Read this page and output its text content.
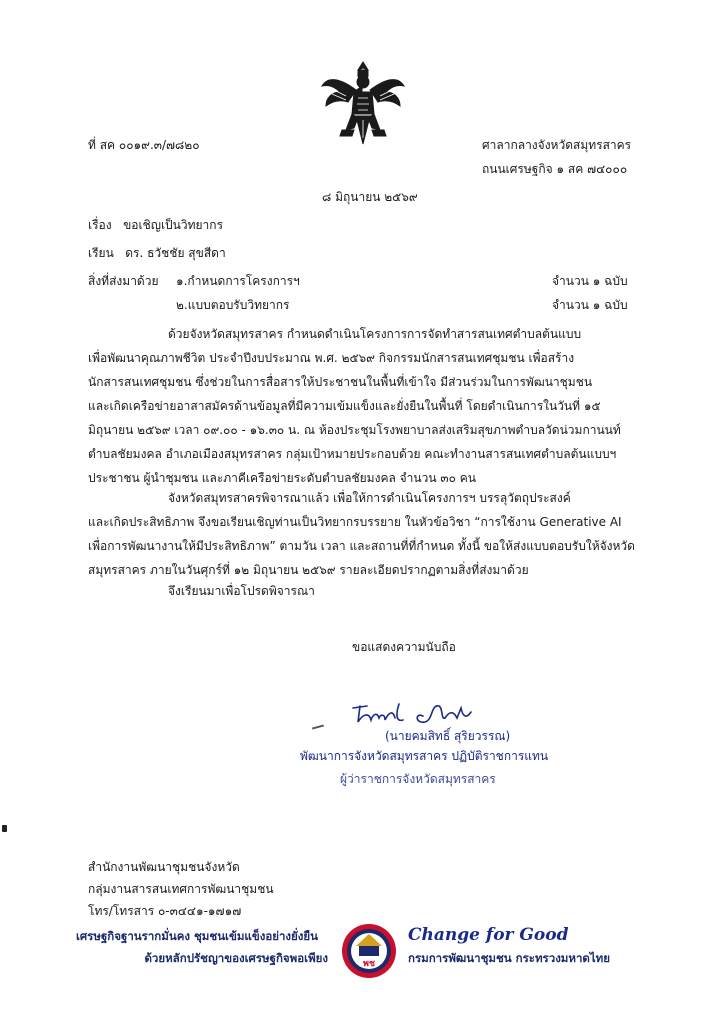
ที่ สค ๐๐๑๙.๓/๗๘๒๐	ศาลากลางจังหวัดสมุทรสาคร
ถนนเศรษฐกิจ ๑ สค ๗๔๐๐๐
๘ มิถุนายน ๒๕๖๙
เรื่อง ขอเชิญเป็นวิทยากร
เรียน ดร. ธวัชชัย สุขสีดา
สิ่งที่ส่งมาด้วย ๑.กำหนดการโครงการฯ	จำนวน ๑ ฉบับ
๒.แบบตอบรับวิทยากร	จำนวน ๑ ฉบับ
ด้วยจังหวัดสมุทรสาคร กำหนดดำเนินโครงการการจัดทำสารสนเทศตำบลต้นแบบ
เพื่อพัฒนาคุณภาพชีวิต ประจำปีงบประมาณ พ.ศ. ๒๕๖๙ กิจกรรมนักสารสนเทศชุมชน เพื่อสร้าง
นักสารสนเทศชุมชน ซึ่งช่วยในการสื่อสารให้ประชาชนในพื้นที่เข้าใจ มีส่วนร่วมในการพัฒนาชุมชน
และเกิดเครือข่ายอาสาสมัครด้านข้อมูลที่มีความเข้มแข็งและยั่งยืนในพื้นที่ โดยดำเนินการในวันที่ ๑๕
มิถุนายน ๒๕๖๙ เวลา ๐๙.๐๐ - ๑๖.๓๐ น. ณ ห้องประชุมโรงพยาบาลส่งเสริมสุขภาพตำบลวัดน่วมกานนท์
ตำบลชัยมงคล อำเภอเมืองสมุทรสาคร กลุ่มเป้าหมายประกอบด้วย คณะทำงานสารสนเทศตำบลต้นแบบฯ
ประชาชน ผู้นำชุมชน และภาคีเครือข่ายระดับตำบลชัยมงคล จำนวน ๓๐ คน
จังหวัดสมุทรสาครพิจารณาแล้ว เพื่อให้การดำเนินโครงการฯ บรรลุวัตถุประสงค์
และเกิดประสิทธิภาพ จึงขอเรียนเชิญท่านเป็นวิทยากรบรรยาย ในหัวข้อวิชา “การใช้งาน Generative AI
เพื่อการพัฒนางานให้มีประสิทธิภาพ” ตามวัน เวลา และสถานที่ที่กำหนด ทั้งนี้ ขอให้ส่งแบบตอบรับให้จังหวัด
สมุทรสาคร ภายในวันศุกร์ที่ ๑๒ มิถุนายน ๒๕๖๙ รายละเอียดปรากฏตามสิ่งที่ส่งมาด้วย
จึงเรียนมาเพื่อโปรดพิจารณา
ขอแสดงความนับถือ
(นายคมสิทธิ์ สุริยวรรณ)
พัฒนาการจังหวัดสมุทรสาคร ปฏิบัติราชการแทน
ผู้ว่าราชการจังหวัดสมุทรสาคร
สำนักงานพัฒนาชุมชนจังหวัด
กลุ่มงานสารสนเทศการพัฒนาชุมชน
โทร/โทรสาร ๐-๓๔๔๑-๑๗๑๗
เศรษฐกิจฐานรากมั่นคง ชุมชนเข้มแข็งอย่างยั่งยืน
ด้วยหลักปรัชญาของเศรษฐกิจพอเพียง	พช
Change for Good
กรมการพัฒนาชุมชน กระทรวงมหาดไทย
